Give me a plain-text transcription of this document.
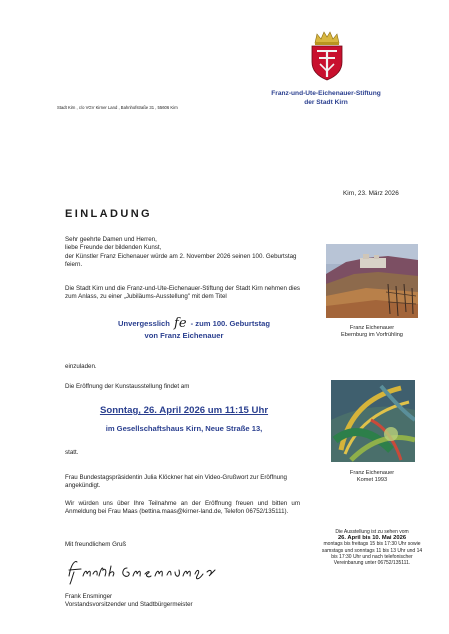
Franz-und-Ute-Eichenauer-Stiftung
der Stadt Kirn
Stadt Kirn , c/o VGV Kirner Land , Bahnhofstraße 31 , 55606 Kirn
Kirn, 23. März 2026
EINLADUNG
Sehr geehrte Damen und Herren,
liebe Freunde der bildenden Kunst,
der Künstler Franz Eichenauer würde am 2. November 2026 seinen 100. Geburtstag feiern.
Die Stadt Kirn und die Franz-und-Ute-Eichenauer-Stiftung der Stadt Kirn nehmen dies zum Anlass, zu einer „Jubiläums-Ausstellung" mit dem Titel
Unvergesslich fe - zum 100. Geburtstag
von Franz Eichenauer
einzuladen.
Die Eröffnung der Kunstausstellung findet am
Sonntag, 26. April 2026 um 11:15 Uhr
im Gesellschaftshaus Kirn, Neue Straße 13,
statt.
Frau Bundestagspräsidentin Julia Klöckner hat ein Video-Grußwort zur Eröffnung angekündigt.
Wir würden uns über Ihre Teilnahme an der Eröffnung freuen und bitten um Anmeldung bei Frau Maas (bettina.maas@kirner-land.de, Telefon 06752/135111).
Mit freundlichem Gruß
Frank Ensminger
Vorstandsvorsitzender und Stadtbürgermeister
Franz Eichenauer
Ebernburg im Vorfrühling
Franz Eichenauer
Komet 1993
Die Ausstellung ist zu sehen vom
26. April bis 10. Mai 2026
montags bis freitags 15 bis 17:30 Uhr sowie samstags und sonntags 11 bis 13 Uhr und 14 bis 17:30 Uhr und nach telefonischer Vereinbarung unter 06752/135111.
